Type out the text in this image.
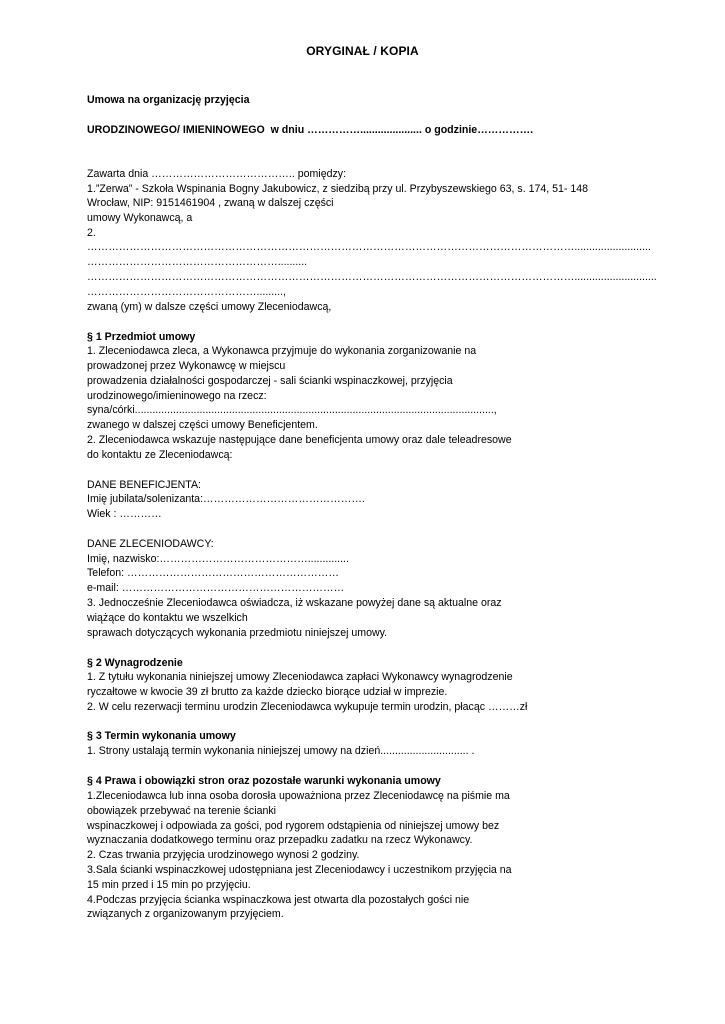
ORYGINAŁ / KOPIA

Umowa na organizację przyjęcia

URODZINOWEGO/ IMIENINOWEGO  w dniu ……………..................... o godzinie…………….

Zawarta dnia ………………………………….. pomiędzy:

1.”Zerwa” - Szkoła Wspinania Bogny Jakubowicz, z siedzibą przy ul. Przybyszewskiego 63, s. 174, 51- 148

Wrocław, NIP: 9151461904 , zwaną w dalszej części

umowy Wykonawcą, a

2.

…………………………………………………………………………………………………………………………..........................

………………………………………………..........

…………………………………………………………………………………………………………………………............................

………………………………………….........,

zwaną (ym) w dalsze części umowy Zleceniodawcą,

§ 1 Przedmiot umowy

1. Zleceniodawca zleca, a Wykonawca przyjmuje do wykonania zorganizowanie na

prowadzonej przez Wykonawcę w miejscu

prowadzenia działalności gospodarczej - sali ścianki wspinaczkowej, przyjęcia

urodzinowego/imieninowego na rzecz:

syna/córki..........................................................................................................................,

zwanego w dalszej części umowy Beneficjentem.

2. Zleceniodawca wskazuje następujące dane beneficjenta umowy oraz dale teleadresowe

do kontaktu ze Zleceniodawcą:

DANE BENEFICJENTA:

Imię jubilata/solenizanta:……………………………………….

Wiek : …………

DANE ZLECENIODAWCY:

Imię, nazwisko:……………………………………..............

Telefon: ……………………………………………………

e-mail: ………………………………………………………

3. Jednocześnie Zleceniodawca oświadcza, iż wskazane powyżej dane są aktualne oraz

wiążące do kontaktu we wszelkich

sprawach dotyczących wykonania przedmiotu niniejszej umowy.

§ 2 Wynagrodzenie

1. Z tytułu wykonania niniejszej umowy Zleceniodawca zapłaci Wykonawcy wynagrodzenie

ryczałtowe w kwocie 39 zł brutto za każde dziecko biorące udział w imprezie.

2. W celu rezerwacji terminu urodzin Zleceniodawca wykupuje termin urodzin, płacąc ………zł

§ 3 Termin wykonania umowy

1. Strony ustalają termin wykonania niniejszej umowy na dzień.............................. .

§ 4 Prawa i obowiązki stron oraz pozostałe warunki wykonania umowy

1.Zleceniodawca lub inna osoba dorosła upoważniona przez Zleceniodawcę na piśmie ma

obowiązek przebywać na terenie ścianki

wspinaczkowej i odpowiada za gości, pod rygorem odstąpienia od niniejszej umowy bez

wyznaczania dodatkowego terminu oraz przepadku zadatku na rzecz Wykonawcy.

2. Czas trwania przyjęcia urodzinowego wynosi 2 godziny.

3.Sala ścianki wspinaczkowej udostępniana jest Zleceniodawcy i uczestnikom przyjęcia na

15 min przed i 15 min po przyjęciu.

4.Podczas przyjęcia ścianka wspinaczkowa jest otwarta dla pozostałych gości nie

związanych z organizowanym przyjęciem.
